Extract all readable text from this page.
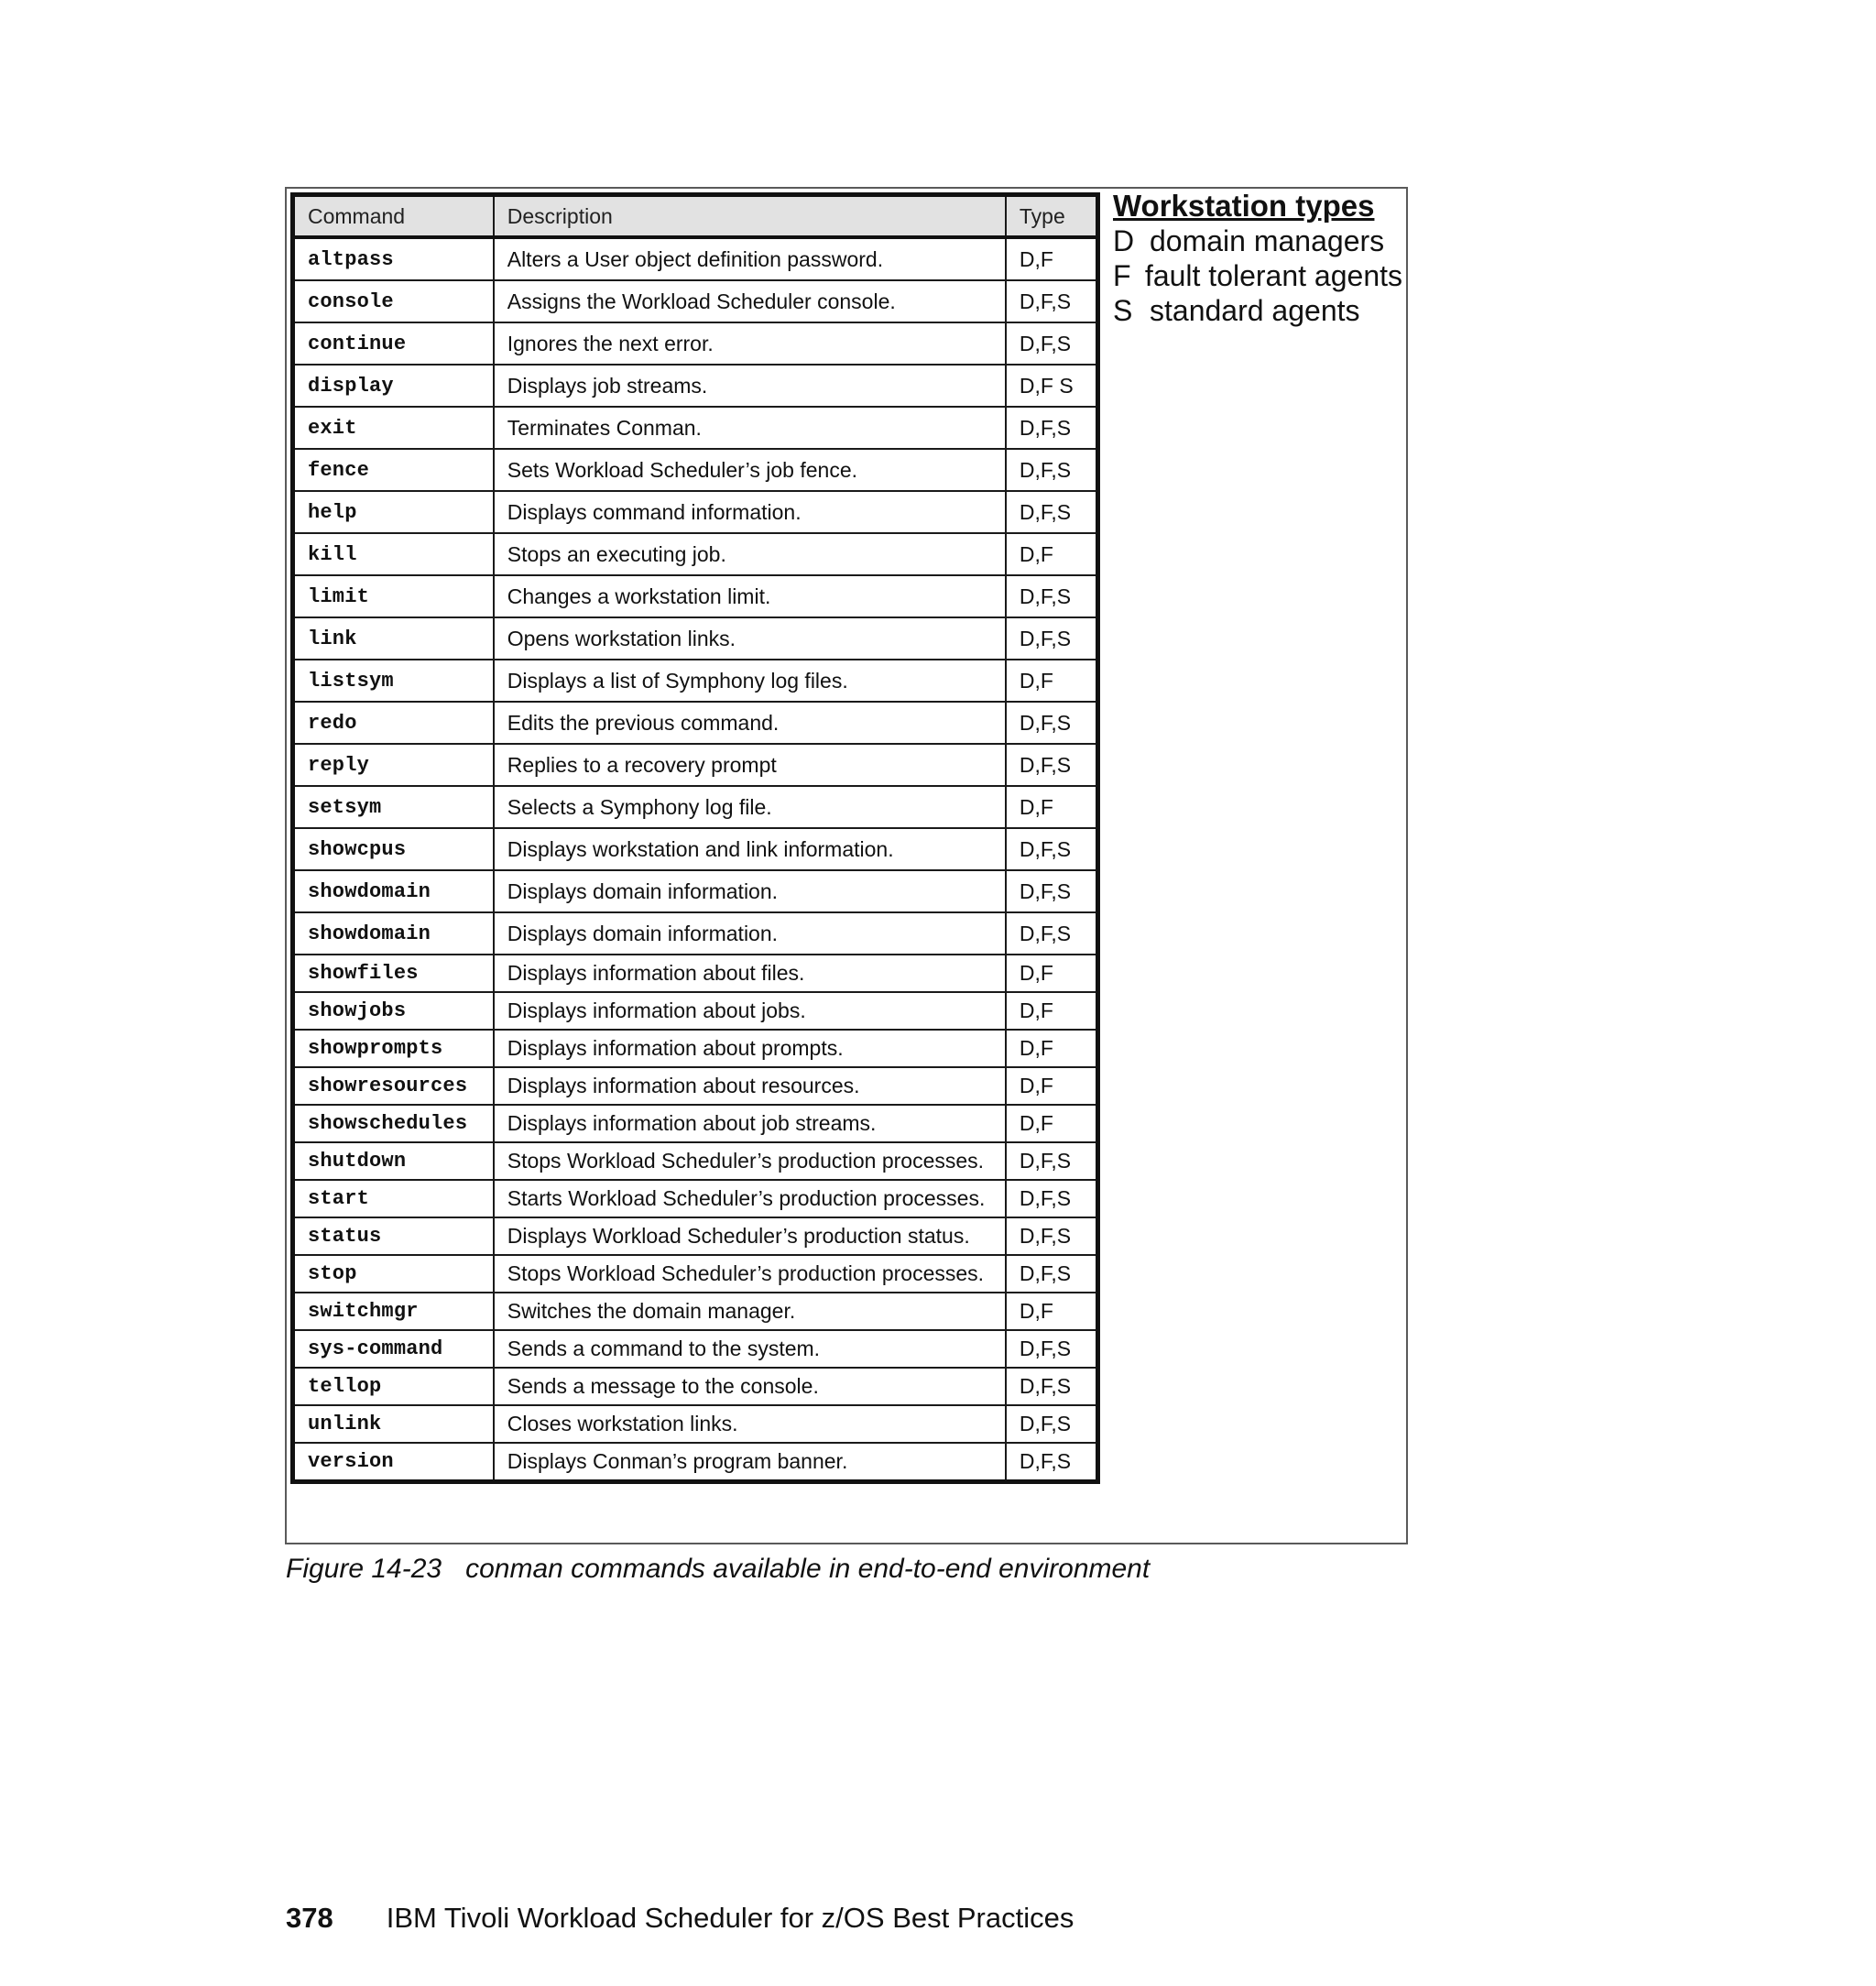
Command	Description	Type
altpass	Alters a User object definition password.	D,F
console	Assigns the Workload Scheduler console.	D,F,S
continue	Ignores the next error.	D,F,S
display	Displays job streams.	D,F S
exit	Terminates Conman.	D,F,S
fence	Sets Workload Scheduler’s job fence.	D,F,S
help	Displays command information.	D,F,S
kill	Stops an executing job.	D,F
limit	Changes a workstation limit.	D,F,S
link	Opens workstation links.	D,F,S
listsym	Displays a list of Symphony log files.	D,F
redo	Edits the previous command.	D,F,S
reply	Replies to a recovery prompt	D,F,S
setsym	Selects a Symphony log file.	D,F
showcpus	Displays workstation and link information.	D,F,S
showdomain	Displays domain information.	D,F,S
showdomain	Displays domain information.	D,F,S
showfiles	Displays information about files.	D,F
showjobs	Displays information about jobs.	D,F
showprompts	Displays information about prompts.	D,F
showresources	Displays information about resources.	D,F
showschedules	Displays information about job streams.	D,F
shutdown	Stops Workload Scheduler’s production processes.	D,F,S
start	Starts Workload Scheduler’s production processes.	D,F,S
status	Displays Workload Scheduler’s production status.	D,F,S
stop	Stops Workload Scheduler’s production processes.	D,F,S
switchmgr	Switches the domain manager.	D,F
sys-command	Sends a command to the system.	D,F,S
tellop	Sends a message to the console.	D,F,S
unlink	Closes workstation links.	D,F,S
version	Displays Conman’s program banner.	D,F,S
Workstation types
D domain managers
F fault tolerant agents
S standard agents
Figure 14-23 conman commands available in end-to-end environment
378 IBM Tivoli Workload Scheduler for z/OS Best Practices
